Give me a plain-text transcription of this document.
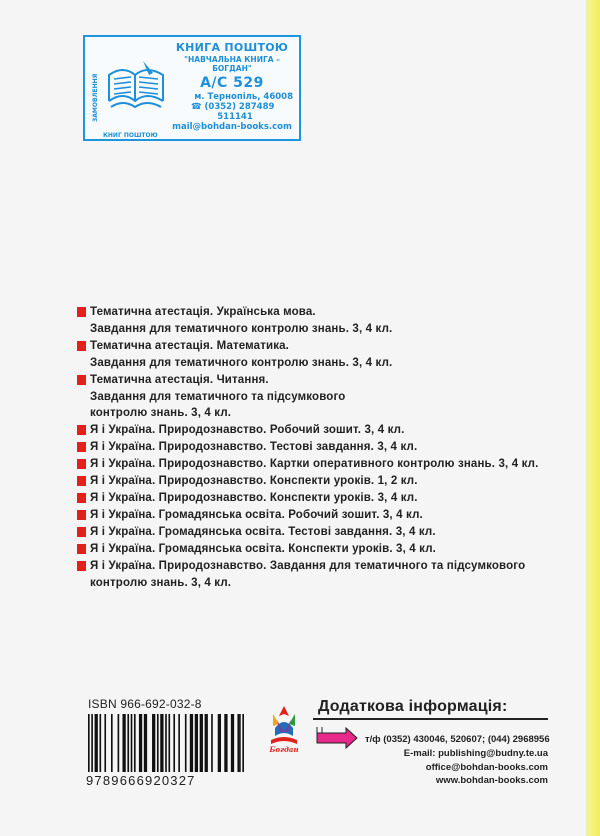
ЗАМОВЛЕННЯ
КНИГ ПОШТОЮ
КНИГА ПОШТОЮ
"НАВЧАЛЬНА КНИГА – БОГДАН"
А/С 529
м. Тернопіль, 46008
☎ (0352) 287489
511141
mail@bohdan-books.com
Тематична атестація. Українська мова.
Завдання для тематичного контролю знань. 3, 4 кл.
Тематична атестація. Математика.
Завдання для тематичного контролю знань. 3, 4 кл.
Тематична атестація. Читання.
Завдання для тематичного та підсумкового
контролю знань. 3, 4 кл.
Я і Україна. Природознавство. Робочий зошит. 3, 4 кл.
Я і Україна. Природознавство. Тестові завдання. 3, 4 кл.
Я і Україна. Природознавство. Картки оперативного контролю знань. 3, 4 кл.
Я і Україна. Природознавство. Конспекти уроків. 1, 2 кл.
Я і Україна. Природознавство. Конспекти уроків. 3, 4 кл.
Я і Україна. Громадянська освіта. Робочий зошит. 3, 4 кл.
Я і Україна. Громадянська освіта. Тестові завдання. 3, 4 кл.
Я і Україна. Громадянська освіта. Конспекти уроків. 3, 4 кл.
Я і Україна. Природознавство. Завдання для тематичного та підсумкового
контролю знань. 3, 4 кл.
ISBN 966-692-032-8
9789666920327
Богдан
Додаткова інформація:
т/ф (0352) 430046, 520607; (044) 2968956
E-mail: publishing@budny.te.ua
office@bohdan-books.com
www.bohdan-books.com
